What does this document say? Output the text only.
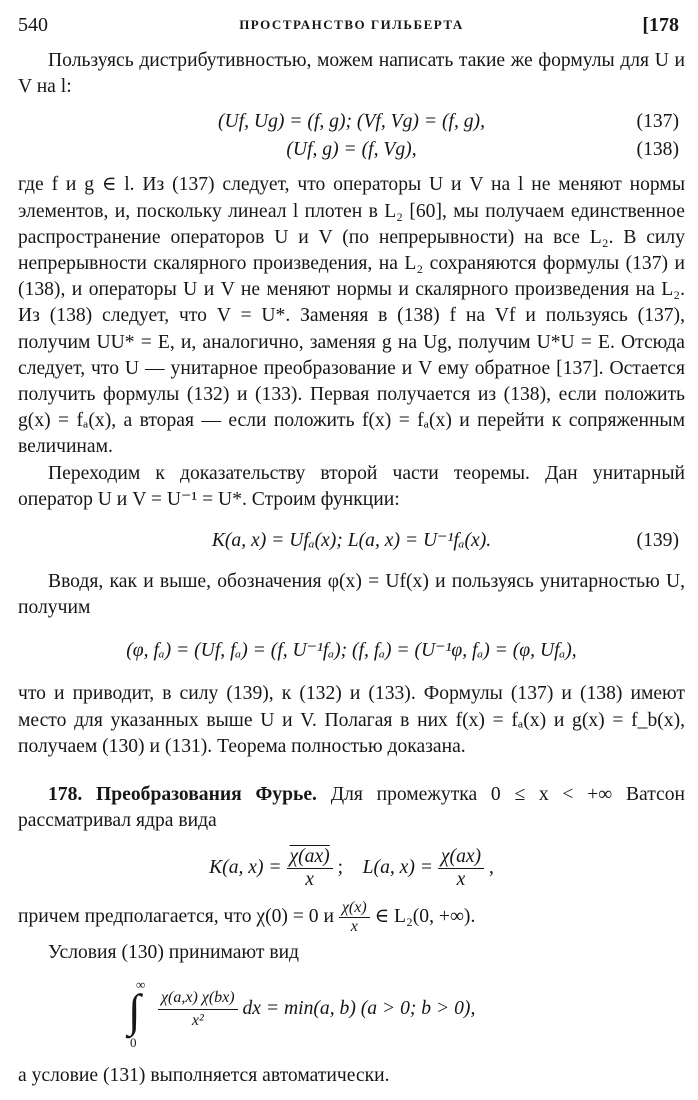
540	ПРОСТРАНСТВО ГИЛЬБЕРТА	[178

Пользуясь дистрибутивностью, можем написать такие же формулы для U и V на l:

(Uf, Ug) = (f, g); (Vf, Vg) = (f, g),	(137)
(Uf, g) = (f, Vg),	(138)

где f и g ∈ l. Из (137) следует, что операторы U и V на l не меняют нормы элементов, и, поскольку линеал l плотен в L₂ [60], мы получаем единственное распространение операторов U и V (по непрерывности) на все L₂. В силу непрерывности скалярного произведения, на L₂ сохраняются формулы (137) и (138), и операторы U и V не меняют нормы и скалярного произведения на L₂. Из (138) следует, что V = U*. Заменяя в (138) f на Vf и пользуясь (137), получим UU* = E, и, аналогично, заменяя g на Ug, получим U*U = E. Отсюда следует, что U — унитарное преобразование и V ему обратное [137]. Остается получить формулы (132) и (133). Первая получается из (138), если положить g(x) = fₐ(x), а вторая — если положить f(x) = fₐ(x) и перейти к сопряженным величинам.

Переходим к доказательству второй части теоремы. Дан унитарный оператор U и V = U⁻¹ = U*. Строим функции:

K(a, x) = Ufₐ(x); L(a, x) = U⁻¹fₐ(x).	(139)

Вводя, как и выше, обозначения φ(x) = Uf(x) и пользуясь унитарностью U, получим

(φ, fₐ) = (Uf, fₐ) = (f, U⁻¹fₐ); (f, fₐ) = (U⁻¹φ, fₐ) = (φ, Ufₐ),

что и приводит, в силу (139), к (132) и (133). Формулы (137) и (138) имеют место для указанных выше U и V. Полагая в них f(x) = fₐ(x) и g(x) = f_b(x), получаем (130) и (131). Теорема полностью доказана.

178. Преобразования Фурье. Для промежутка 0 ≤ x < +∞ Ватсон рассматривал ядра вида

K(a, $x) = \frac{\chi(ax)}{x}$ ; L(a, $x) = \frac{\chi(ax)}{x}$ ,

причем предполагается, что χ(0) = 0 и $\frac{\chi(x)}{x}$ ∈ L₂(0, +∞).

Условия (130) принимают вид

∞
∫
0
$\frac{\chi(a,x) \chi(bx)}{\text{x²}}$ dx = min(a, b) (a > 0; b > 0),

а условие (131) выполняется автоматически.
